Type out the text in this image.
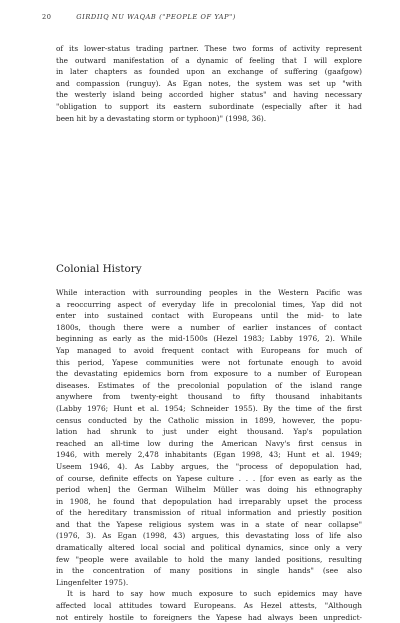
20	GIRDIIQ NU WAQAB ("PEOPLE OF YAP")
of its lower-status trading partner. These two forms of activity represent
the outward manifestation of a dynamic of feeling that I will explore
in later chapters as founded upon an exchange of suffering (gaafgow)
and compassion (runguy). As Egan notes, the system was set up "with
the westerly island being accorded higher status" and having necessary
"obligation to support its eastern subordinate (especially after it had
been hit by a devastating storm or typhoon)" (1998, 36).
Colonial History
While interaction with surrounding peoples in the Western Pacific was
a reoccurring aspect of everyday life in precolonial times, Yap did not
enter into sustained contact with Europeans until the mid- to late
1800s, though there were a number of earlier instances of contact
beginning as early as the mid-1500s (Hezel 1983; Labby 1976, 2). While
Yap managed to avoid frequent contact with Europeans for much of
this period, Yapese communities were not fortunate enough to avoid
the devastating epidemics born from exposure to a number of European
diseases. Estimates of the precolonial population of the island range
anywhere from twenty-eight thousand to fifty thousand inhabitants
(Labby 1976; Hunt et al. 1954; Schneider 1955). By the time of the first
census conducted by the Catholic mission in 1899, however, the popu-
lation had shrunk to just under eight thousand. Yap's population
reached an all-time low during the American Navy's first census in
1946, with merely 2,478 inhabitants (Egan 1998, 43; Hunt et al. 1949;
Useem 1946, 4). As Labby argues, the "process of depopulation had,
of course, definite effects on Yapese culture . . . [for even as early as the
period when] the German Wilhelm Müller was doing his ethnography
in 1908, he found that depopulation had irreparably upset the process
of the hereditary transmission of ritual information and priestly position
and that the Yapese religious system was in a state of near collapse"
(1976, 3). As Egan (1998, 43) argues, this devastating loss of life also
dramatically altered local social and political dynamics, since only a very
few "people were available to hold the many landed positions, resulting
in the concentration of many positions in single hands" (see also
Lingenfelter 1975).
It is hard to say how much exposure to such epidemics may have
affected local attitudes toward Europeans. As Hezel attests, "Although
not entirely hostile to foreigners the Yapese had always been unpredict-
